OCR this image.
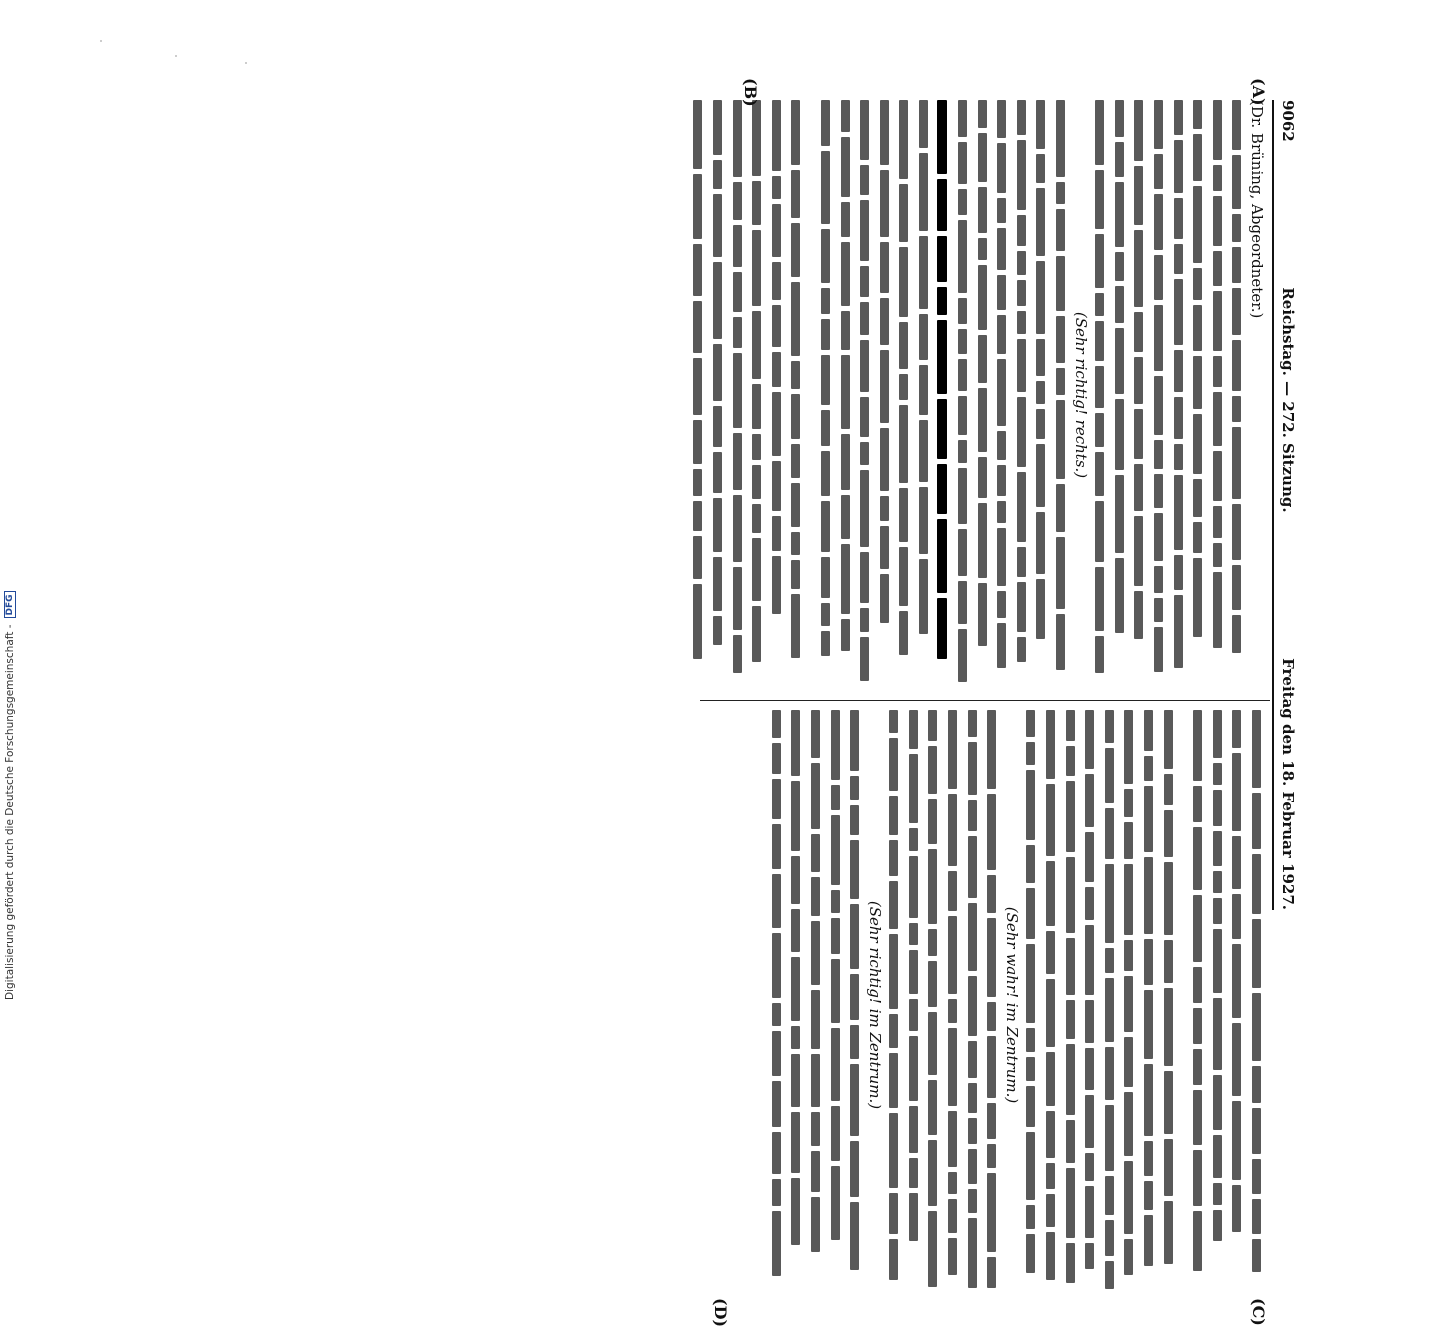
9062
Reichstag. — 272. Sitzung.
Freitag den 18. Februar 1927.
(Dr. Brüning, Abgeordneter.)
(Sehr richtig! rechts.)
(Sehr wahr! im Zentrum.)
(Sehr richtig! im Zentrum.)
(A)
(B)
(C)
(D)
Digitalisierung gefördert durch die Deutsche Forschungsgemeinschaft -
DFG
